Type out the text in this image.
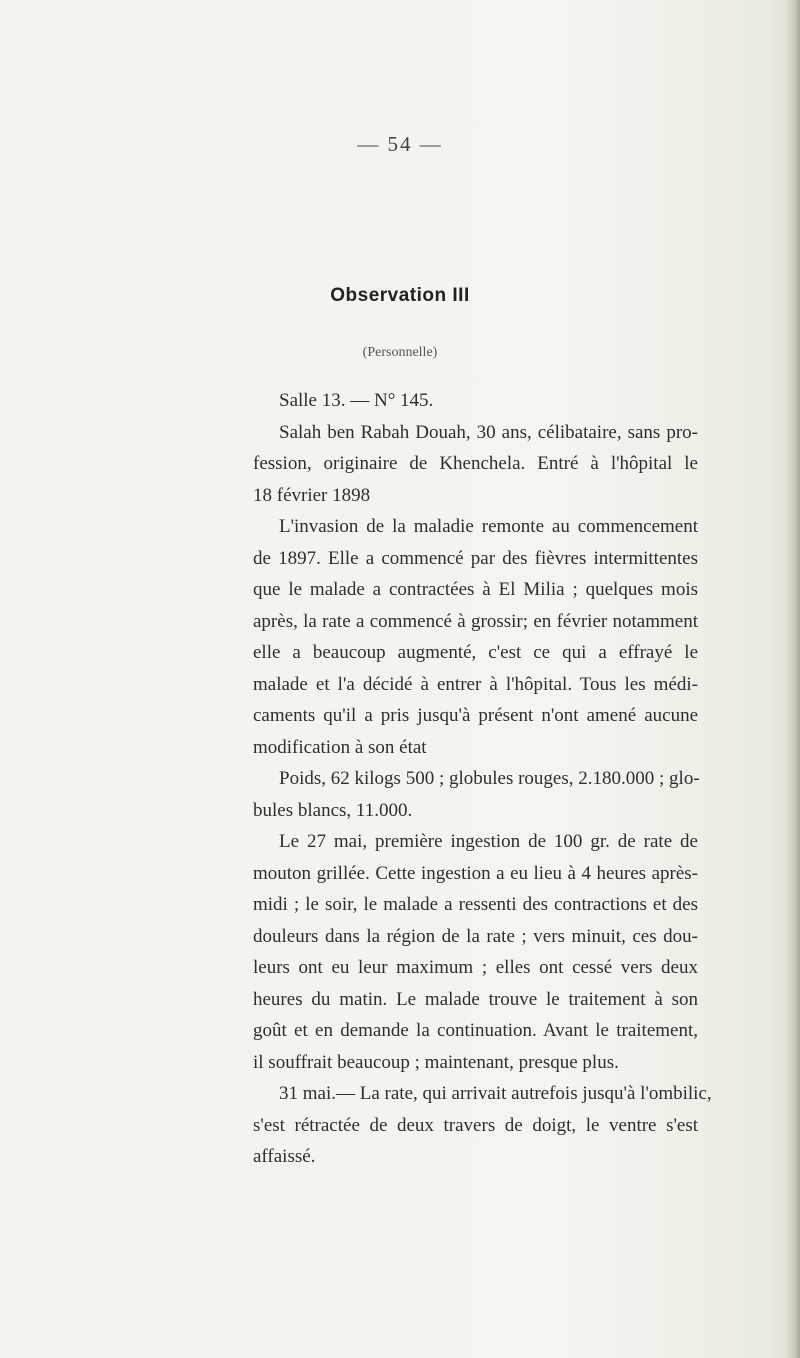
— 54 —
Observation III
(Personnelle)
Salle 13. — N° 145.
Salah ben Rabah Douah, 30 ans, célibataire, sans pro-
fession, originaire de Khenchela. Entré à l'hôpital le
18 février 1898
L'invasion de la maladie remonte au commencement
de 1897. Elle a commencé par des fièvres intermittentes
que le malade a contractées à El Milia ; quelques mois
après, la rate a commencé à grossir; en février notamment
elle a beaucoup augmenté, c'est ce qui a effrayé le
malade et l'a décidé à entrer à l'hôpital. Tous les médi-
caments qu'il a pris jusqu'à présent n'ont amené aucune
modification à son état
Poids, 62 kilogs 500 ; globules rouges, 2.180.000 ; glo-
bules blancs, 11.000.
Le 27 mai, première ingestion de 100 gr. de rate de
mouton grillée. Cette ingestion a eu lieu à 4 heures après-
midi ; le soir, le malade a ressenti des contractions et des
douleurs dans la région de la rate ; vers minuit, ces dou-
leurs ont eu leur maximum ; elles ont cessé vers deux
heures du matin. Le malade trouve le traitement à son
goût et en demande la continuation. Avant le traitement,
il souffrait beaucoup ; maintenant, presque plus.
31 mai.— La rate, qui arrivait autrefois jusqu'à l'ombilic,
s'est rétractée de deux travers de doigt, le ventre s'est
affaissé.
